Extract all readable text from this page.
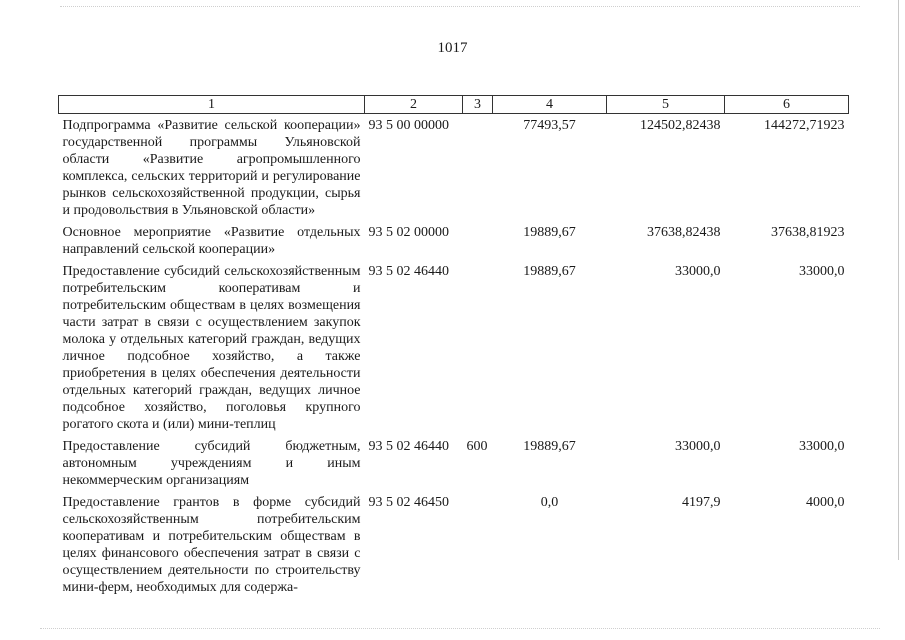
1017
1	2	3	4	5	6
Подпрограмма «Развитие сельской кооперации» государственной программы Ульяновской области «Развитие агропромышленного комплекса, сельских территорий и регулирование рынков сельскохозяйственной продукции, сырья и продовольствия в Ульяновской области»	93 5 00 00000		77493,57	124502,82438	144272,71923
Основное мероприятие «Развитие отдельных направлений сельской кооперации»	93 5 02 00000		19889,67	37638,82438	37638,81923
Предоставление субсидий сельскохозяйственным потребительским кооперативам и потребительским обществам в целях возмещения части затрат в связи с осуществлением закупок молока у отдельных категорий граждан, ведущих личное подсобное хозяйство, а также приобретения в целях обеспечения деятельности отдельных категорий граждан, ведущих личное подсобное хозяйство, поголовья крупного рогатого скота и (или) мини-теплиц	93 5 02 46440		19889,67	33000,0	33000,0
Предоставление субсидий бюджетным, автономным учреждениям и иным некоммерческим организациям	93 5 02 46440	600	19889,67	33000,0	33000,0
Предоставление грантов в форме субсидий сельскохозяйственным потребительским кооперативам и потребительским обществам в целях финансового обеспечения затрат в связи с осуществлением деятельности по строительству мини-ферм, необходимых для содержа-	93 5 02 46450		0,0	4197,9	4000,0
